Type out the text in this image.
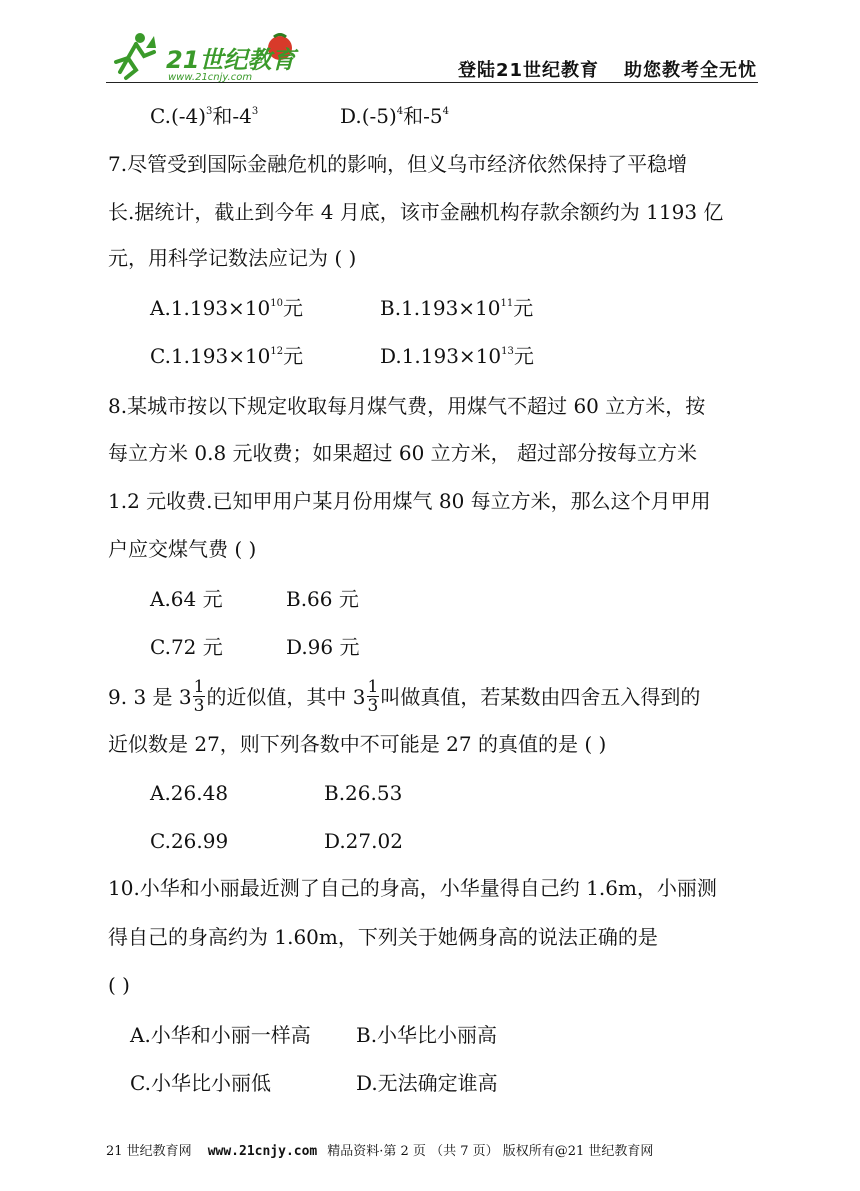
21世纪教育
www.21cnjy.com	登陆21世纪教育 助您教考全无忧
$C.(-4)^3$和$-4^3$	$D.(-5)^4$和$-5^4$
7.尽管受到国际金融危机的影响，但义乌市经济依然保持了平稳增
长.据统计，截止到今年 4 月底，该市金融机构存款余额约为 1193 亿
元，用科学记数法应记为 ( )
$A.1.193\times 10^{10}$元	$B.1.193\times 10^{11}$元
$C.1.193\times 10^{12}$元	$D.1.193\times 10^{13}$元
8.某城市按以下规定收取每月煤气费，用煤气不超过 60 立方米，按
每立方米 0.8 元收费；如果超过 60 立方米， 超过部分按每立方米
1.2 元收费.已知甲用户某月份用煤气 80 每立方米，那么这个月甲用
户应交煤气费 ( )
A.64 元	B.66 元
C.72 元	D.96 元
9. 3 是 $3 \frac{1}{3}$ 的近似值，其中 $3 \frac{1}{3}$ 叫做真值，若某数由四舍五入得到的
近似数是 27，则下列各数中不可能是 27 的真值的是 ( )
A.26.48	B.26.53
C.26.99	D.27.02
10.小华和小丽最近测了自己的身高，小华量得自己约 1.6m，小丽测
得自己的身高约为 1.60m，下列关于她俩身高的说法正确的是
( )
A.小华和小丽一样高 B.小华比小丽高
C.小华比小丽低	D.无法确定谁高
21 世纪教育网 www.21cnjy.com 精品资料·第 2 页 （共 7 页） 版权所有@21 世纪教育网
